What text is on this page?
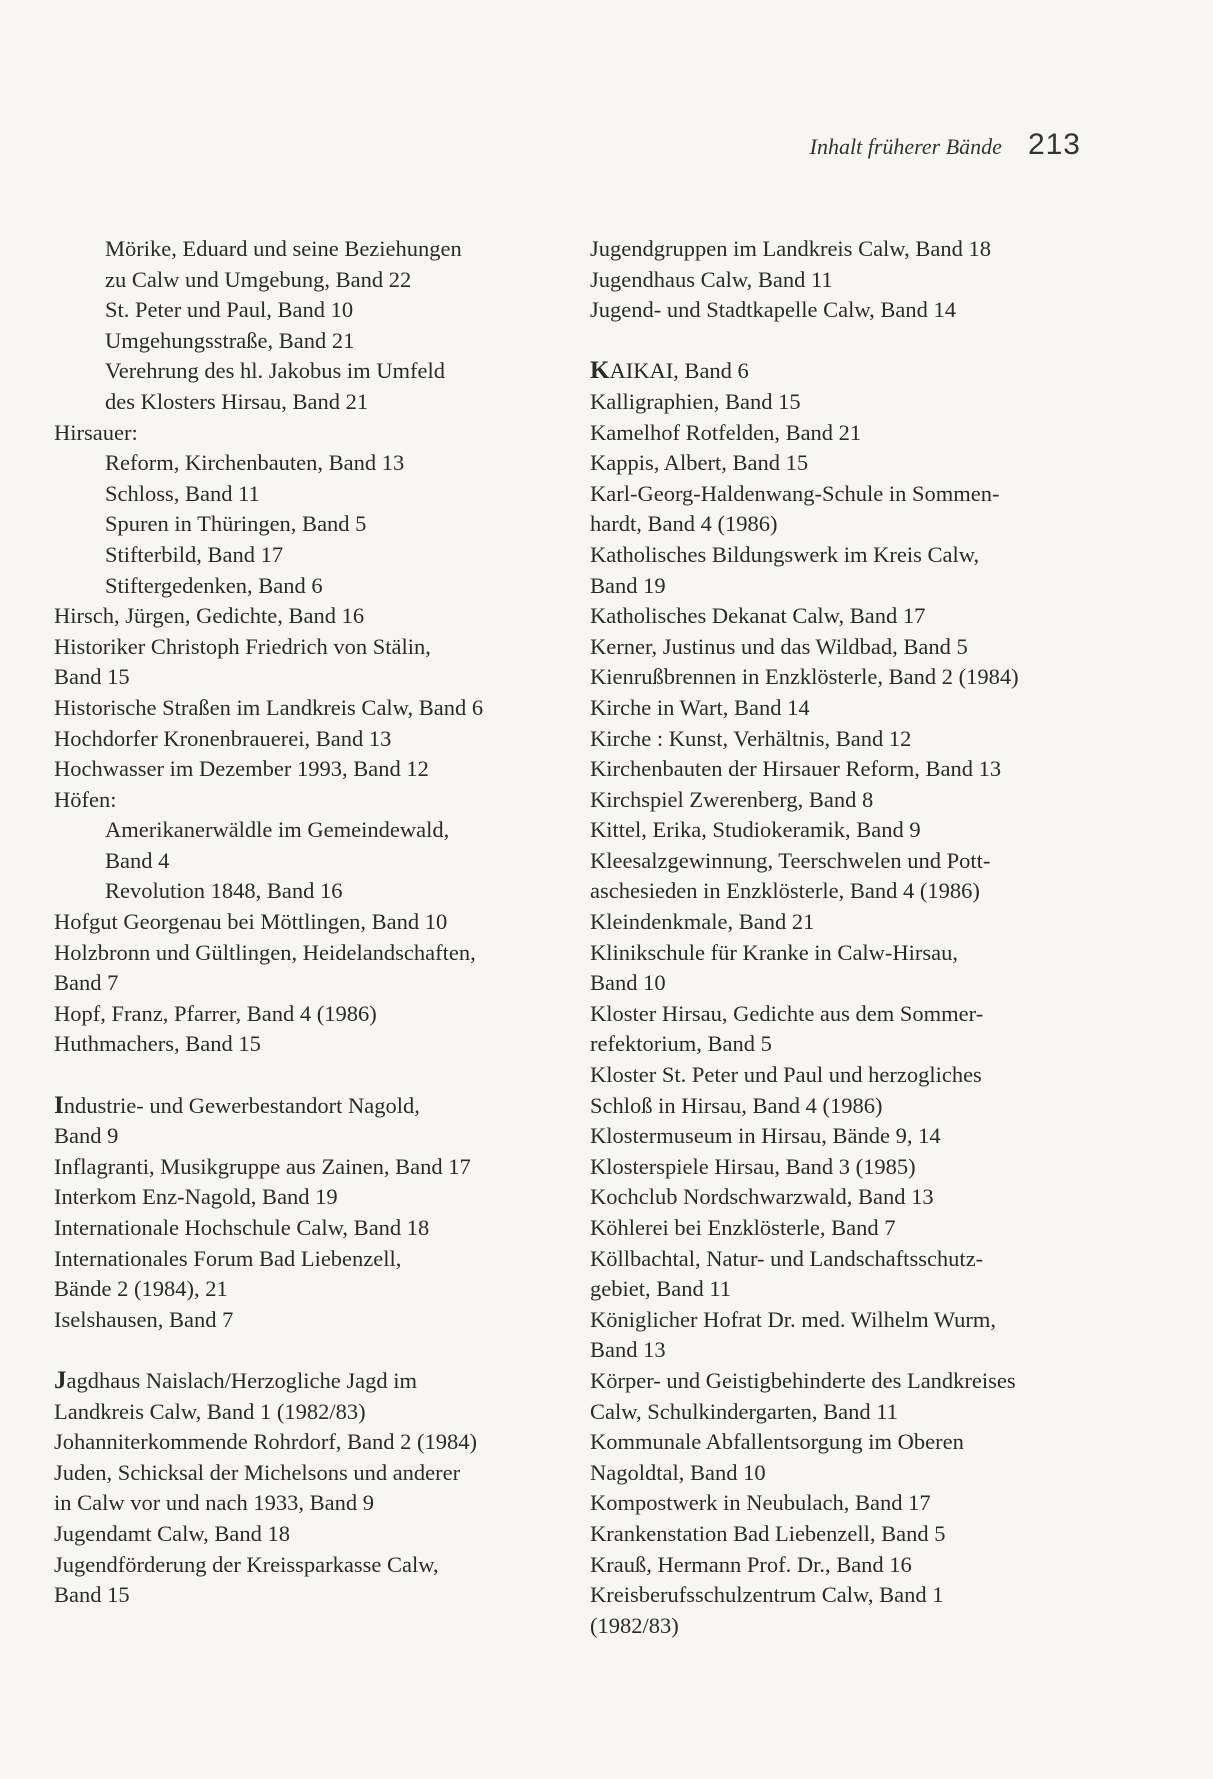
Inhalt früherer Bände 213
Mörike, Eduard und seine Beziehungen
zu Calw und Umgebung, Band 22
St. Peter und Paul, Band 10
Umgehungsstraße, Band 21
Verehrung des hl. Jakobus im Umfeld
des Klosters Hirsau, Band 21
Hirsauer:
Reform, Kirchenbauten, Band 13
Schloss, Band 11
Spuren in Thüringen, Band 5
Stifterbild, Band 17
Stiftergedenken, Band 6
Hirsch, Jürgen, Gedichte, Band 16
Historiker Christoph Friedrich von Stälin,
Band 15
Historische Straßen im Landkreis Calw, Band 6
Hochdorfer Kronenbrauerei, Band 13
Hochwasser im Dezember 1993, Band 12
Höfen:
Amerikanerwäldle im Gemeindewald,
Band 4
Revolution 1848, Band 16
Hofgut Georgenau bei Möttlingen, Band 10
Holzbronn und Gültlingen, Heidelandschaften,
Band 7
Hopf, Franz, Pfarrer, Band 4 (1986)
Huthmachers, Band 15
Industrie- und Gewerbestandort Nagold,
Band 9
Inflagranti, Musikgruppe aus Zainen, Band 17
Interkom Enz-Nagold, Band 19
Internationale Hochschule Calw, Band 18
Internationales Forum Bad Liebenzell,
Bände 2 (1984), 21
Iselshausen, Band 7
Jagdhaus Naislach/Herzogliche Jagd im
Landkreis Calw, Band 1 (1982/83)
Johanniterkommende Rohrdorf, Band 2 (1984)
Juden, Schicksal der Michelsons und anderer
in Calw vor und nach 1933, Band 9
Jugendamt Calw, Band 18
Jugendförderung der Kreissparkasse Calw,
Band 15
Jugendgruppen im Landkreis Calw, Band 18
Jugendhaus Calw, Band 11
Jugend- und Stadtkapelle Calw, Band 14
KAIKAI, Band 6
Kalligraphien, Band 15
Kamelhof Rotfelden, Band 21
Kappis, Albert, Band 15
Karl-Georg-Haldenwang-Schule in Sommen-
hardt, Band 4 (1986)
Katholisches Bildungswerk im Kreis Calw,
Band 19
Katholisches Dekanat Calw, Band 17
Kerner, Justinus und das Wildbad, Band 5
Kienrußbrennen in Enzklösterle, Band 2 (1984)
Kirche in Wart, Band 14
Kirche : Kunst, Verhältnis, Band 12
Kirchenbauten der Hirsauer Reform, Band 13
Kirchspiel Zwerenberg, Band 8
Kittel, Erika, Studiokeramik, Band 9
Kleesalzgewinnung, Teerschwelen und Pott-
aschesieden in Enzklösterle, Band 4 (1986)
Kleindenkmale, Band 21
Klinikschule für Kranke in Calw-Hirsau,
Band 10
Kloster Hirsau, Gedichte aus dem Sommer-
refektorium, Band 5
Kloster St. Peter und Paul und herzogliches
Schloß in Hirsau, Band 4 (1986)
Klostermuseum in Hirsau, Bände 9, 14
Klosterspiele Hirsau, Band 3 (1985)
Kochclub Nordschwarzwald, Band 13
Köhlerei bei Enzklösterle, Band 7
Köllbachtal, Natur- und Landschaftsschutz-
gebiet, Band 11
Königlicher Hofrat Dr. med. Wilhelm Wurm,
Band 13
Körper- und Geistigbehinderte des Landkreises
Calw, Schulkindergarten, Band 11
Kommunale Abfallentsorgung im Oberen
Nagoldtal, Band 10
Kompostwerk in Neubulach, Band 17
Krankenstation Bad Liebenzell, Band 5
Krauß, Hermann Prof. Dr., Band 16
Kreisberufsschulzentrum Calw, Band 1
(1982/83)
